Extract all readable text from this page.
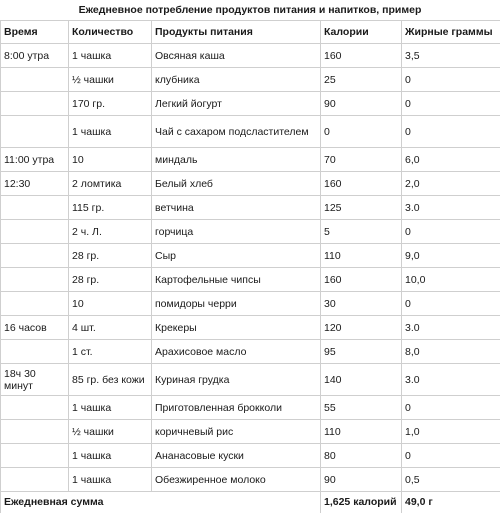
Ежедневное потребление продуктов питания и напитков, пример
Время	Количество	Продукты питания	Калории	Жирные граммы
8:00 утра	1 чашка	Овсяная каша	160	3,5
	½ чашки	клубника	25	0
	170 гр.	Легкий йогурт	90	0
	1 чашка	Чай с сахаром подсластителем	0	0
11:00 утра	10	миндаль	70	6,0
12:30	2 ломтика	Белый хлеб	160	2,0
	115 гр.	ветчина	125	3.0
	2 ч. Л.	горчица	5	0
	28 гр.	Сыр	110	9,0
	28 гр.	Картофельные чипсы	160	10,0
	10	помидоры черри	30	0
16 часов	4 шт.	Крекеры	120	3.0
	1 ст.	Арахисовое масло	95	8,0

18ч 30 минут	85 гр. без кожи	Куриная грудка	140	3.0
	1 чашка	Приготовленная брокколи	55	0
	½ чашки	коричневый рис	110	1,0
	1 чашка	Ананасовые куски	80	0
	1 чашка	Обезжиренное молоко	90	0,5
Ежедневная сумма			1,625 калорий	49,0 г
